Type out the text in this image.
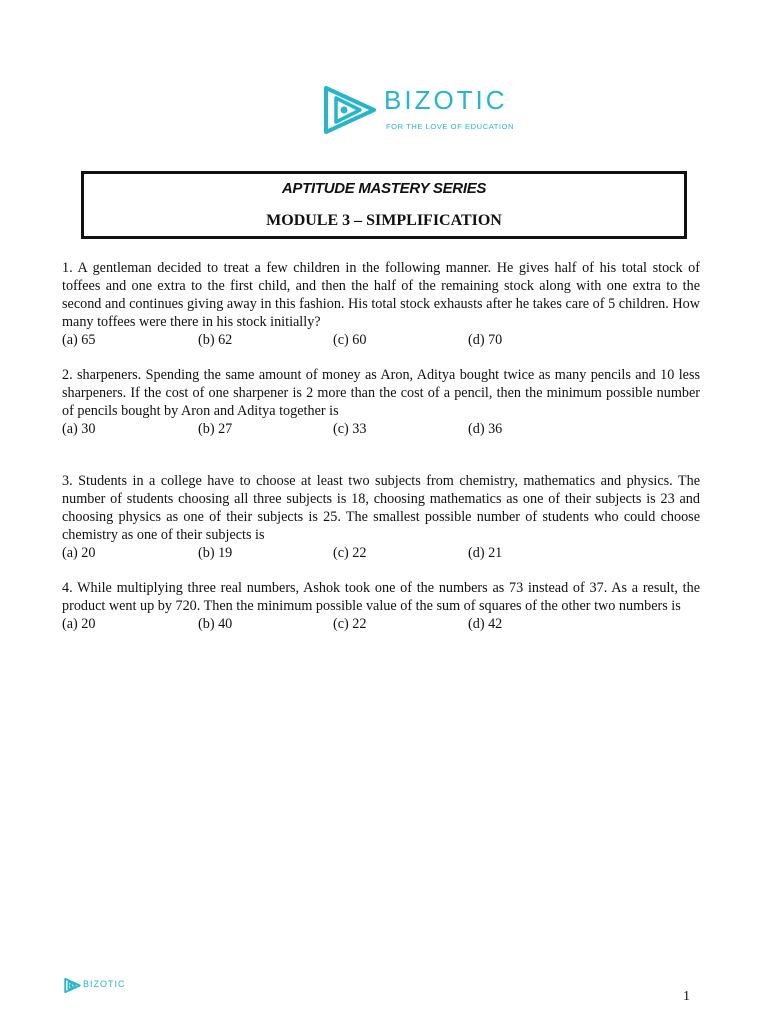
BIZOTIC
FOR THE LOVE OF EDUCATION
APTITUDE MASTERY SERIES
MODULE 3 – SIMPLIFICATION
1. A gentleman decided to treat a few children in the following manner. He gives half of his total stock of toffees and one extra to the first child, and then the half of the remaining stock along with one extra to the second and continues giving away in this fashion. His total stock exhausts after he takes care of 5 children. How many toffees were there in his stock initially?
(a) 65	(b) 62	(c) 60	(d) 70
2. sharpeners. Spending the same amount of money as Aron, Aditya bought twice as many pencils and 10 less sharpeners. If the cost of one sharpener is 2 more than the cost of a pencil, then the minimum possible number of pencils bought by Aron and Aditya together is
(a) 30	(b) 27	(c) 33	(d) 36
3. Students in a college have to choose at least two subjects from chemistry, mathematics and physics. The number of students choosing all three subjects is 18, choosing mathematics as one of their subjects is 23 and choosing physics as one of their subjects is 25. The smallest possible number of students who could choose chemistry as one of their subjects is
(a) 20	(b) 19	(c) 22	(d) 21
4. While multiplying three real numbers, Ashok took one of the numbers as 73 instead of 37. As a result, the product went up by 720. Then the minimum possible value of the sum of squares of the other two numbers is
(a) 20	(b) 40	(c) 22	(d) 42
BIZOTIC
1
